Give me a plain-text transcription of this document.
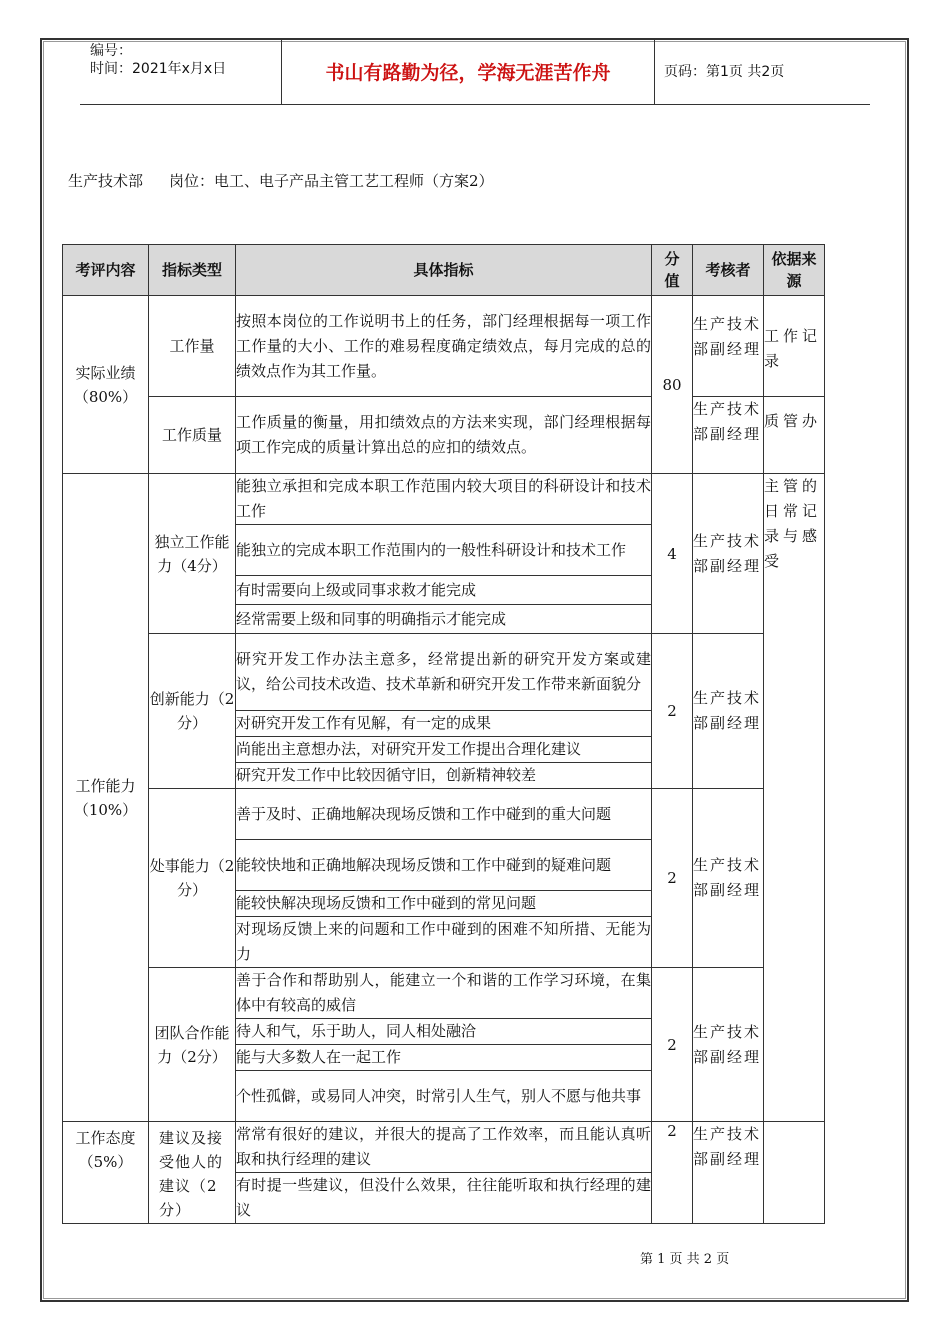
编号：
时间：2021年x月x日	书山有路勤为径，学海无涯苦作舟	页码：第1页 共2页
生产技术部 岗位：电工、电子产品主管工艺工程师（方案2）
考评内容	指标类型	具体指标	分值	考核者	依据来源
实际业绩（80%）	工作量	按照本岗位的工作说明书上的任务，部门经理根据每一项工作工作量的大小、工作的难易程度确定绩效点，每月完成的总的绩效点作为其工作量。	80	生产技术部副经理	工作记录
	工作质量	工作质量的衡量，用扣绩效点的方法来实现，部门经理根据每项工作完成的质量计算出总的应扣的绩效点。		生产技术部副经理	质管办
工作能力（10%）	独立工作能力（4分）	能独立承担和完成本职工作范围内较大项目的科研设计和技术工作	4	生产技术部副经理	主管的日常记录与感受
		能独立的完成本职工作范围内的一般性科研设计和技术工作			
		有时需要向上级或同事求救才能完成			
		经常需要上级和同事的明确指示才能完成			
	创新能力（2分）	研究开发工作办法主意多，经常提出新的研究开发方案或建议，给公司技术改造、技术革新和研究开发工作带来新面貌分	2	生产技术部副经理	
		对研究开发工作有见解，有一定的成果			
		尚能出主意想办法，对研究开发工作提出合理化建议			
		研究开发工作中比较因循守旧，创新精神较差			
	处事能力（2分）	善于及时、正确地解决现场反馈和工作中碰到的重大问题	2	生产技术部副经理	
		能较快地和正确地解决现场反馈和工作中碰到的疑难问题			
		能较快解决现场反馈和工作中碰到的常见问题			
		对现场反馈上来的问题和工作中碰到的困难不知所措、无能为力			
	团队合作能力（2分）	善于合作和帮助别人，能建立一个和谐的工作学习环境，在集体中有较高的威信	2	生产技术部副经理	
		待人和气，乐于助人，同人相处融洽			
		能与大多数人在一起工作			
		个性孤僻，或易同人冲突，时常引人生气，别人不愿与他共事			
工作态度（5%）	建议及接受他人的建议（2分）	常常有很好的建议，并很大的提高了工作效率，而且能认真听取和执行经理的建议	2	生产技术部副经理	
		有时提一些建议，但没什么效果，往往能听取和执行经理的建议			
第 1 页 共 2 页
